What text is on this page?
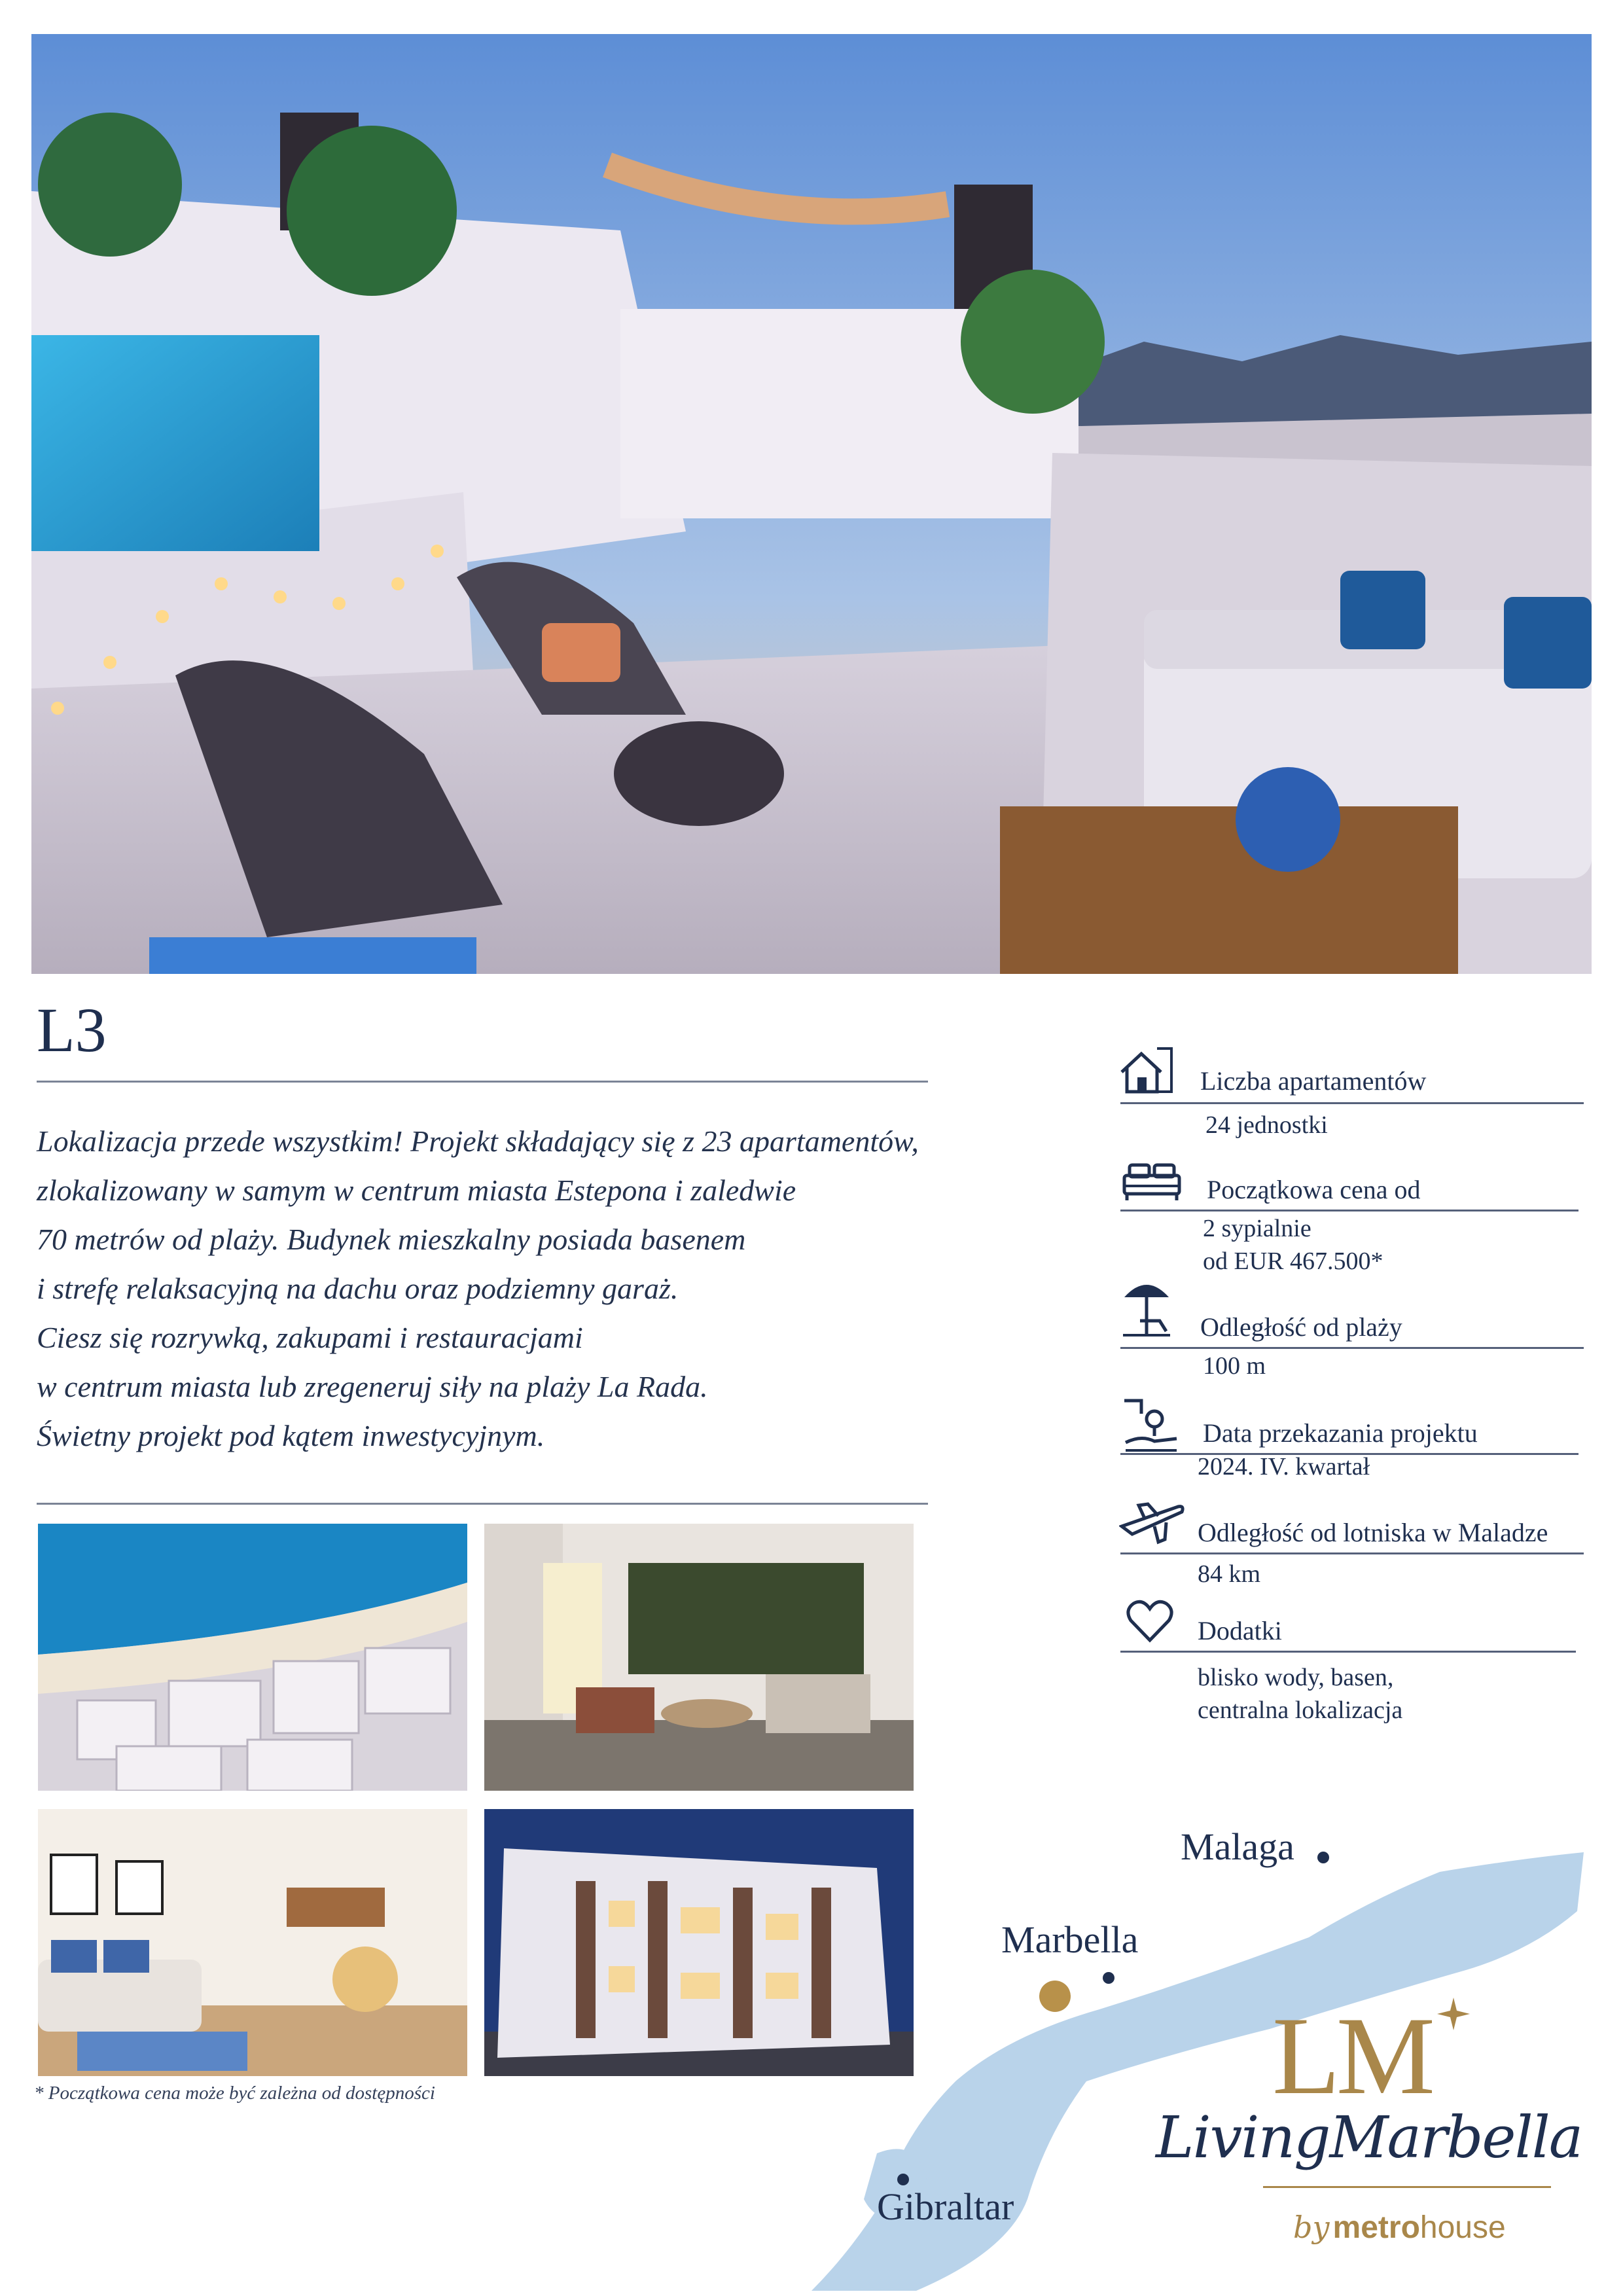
L3

Lokalizacja przede wszystkim! Projekt składający się z 23 apartamentów,

zlokalizowany w samym w centrum miasta Estepona i zaledwie

70 metrów od plaży. Budynek mieszkalny posiada basenem

i strefę relaksacyjną na dachu oraz podziemny garaż.

Ciesz się rozrywką, zakupami i restauracjami

w centrum miasta lub zregeneruj siły na plaży La Rada.

Świetny projekt pod kątem inwestycyjnym.

* Początkowa cena może być zależna od dostępności
Liczba apartamentów
24 jednostki
Początkowa cena od
2 sypialnie
od EUR 467.500*
Odległość od plaży
100 m
Data przekazania projektu
2024. IV. kwartał
Odległość od lotniska w Maladze
84 km
Dodatki
blisko wody, basen,
centralna lokalizacja
Malaga
Marbella
Gibraltar
LM
LivingMarbella
by metrohouse
